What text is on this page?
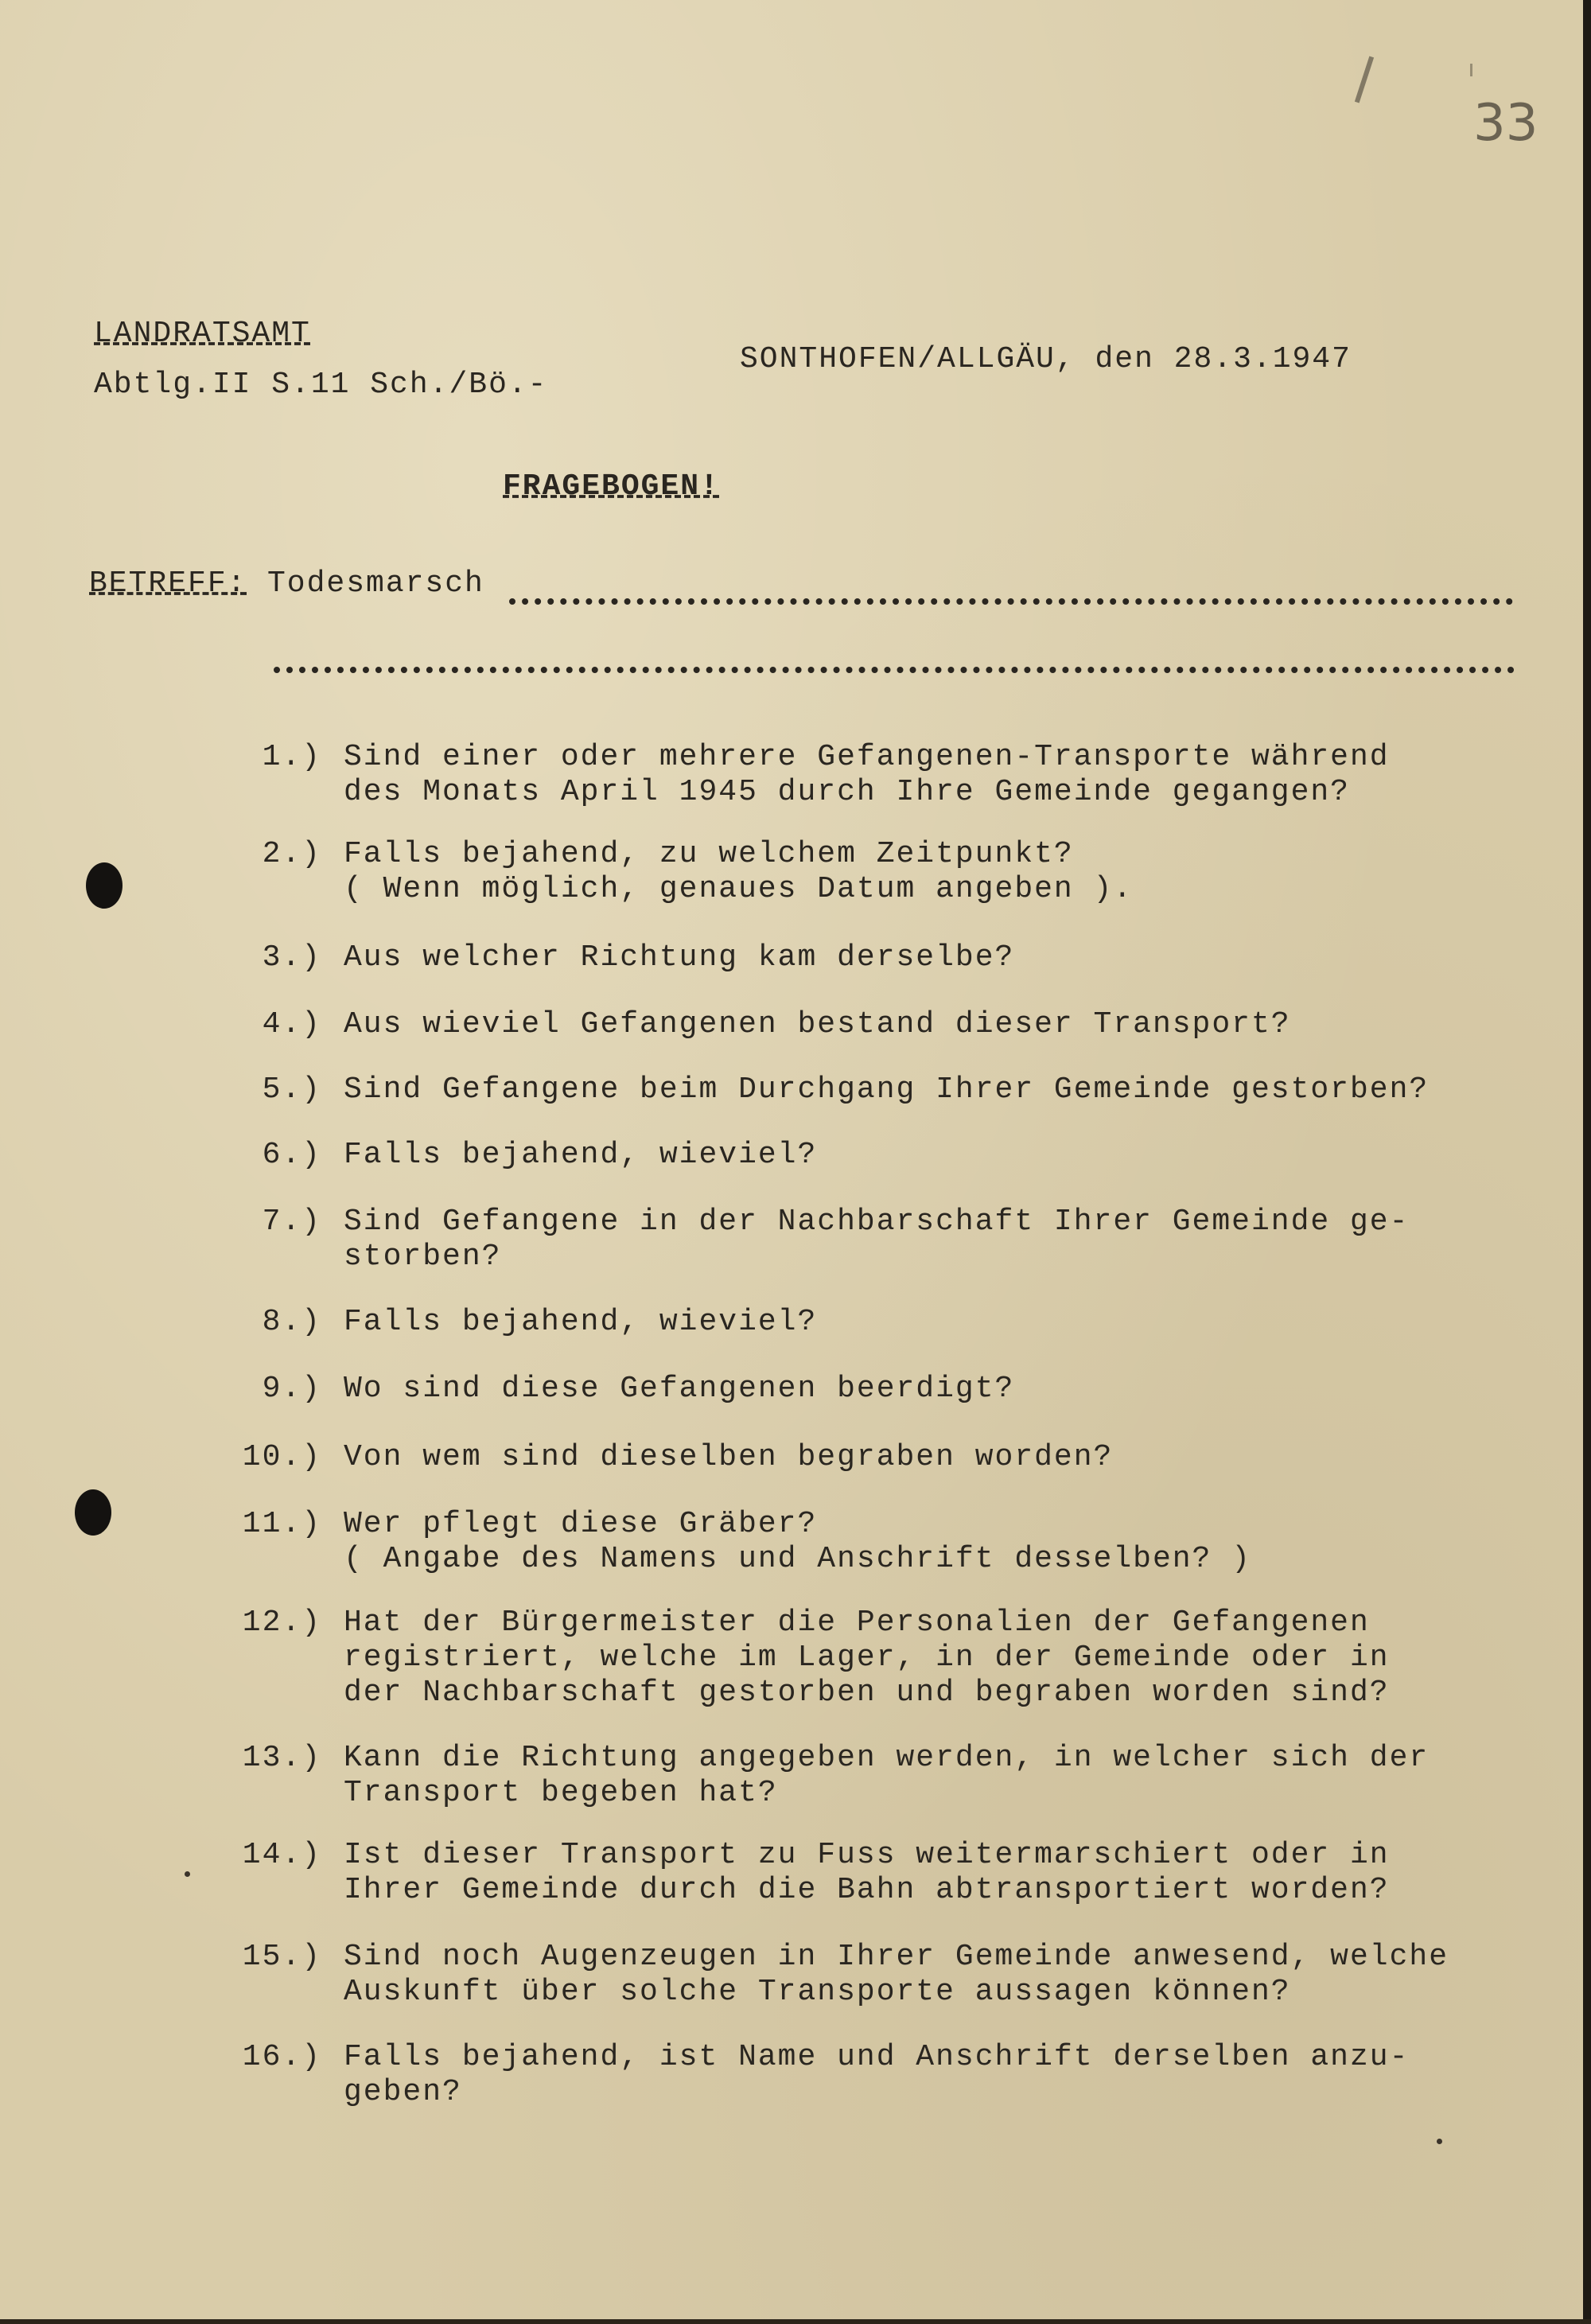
33
LANDRATSAMT
Abtlg.II S.11 Sch./Bö.-
SONTHOFEN/ALLGÄU, den 28.3.1947
FRAGEBOGEN!
BETREFF: Todesmarsch
1.) Sind einer oder mehrere Gefangenen-Transporte während
des Monats April 1945 durch Ihre Gemeinde gegangen?
2.) Falls bejahend, zu welchem Zeitpunkt?
( Wenn möglich, genaues Datum angeben ).
3.) Aus welcher Richtung kam derselbe?
4.) Aus wieviel Gefangenen bestand dieser Transport?
5.) Sind Gefangene beim Durchgang Ihrer Gemeinde gestorben?
6.) Falls bejahend, wieviel?
7.) Sind Gefangene in der Nachbarschaft Ihrer Gemeinde ge-
storben?
8.) Falls bejahend, wieviel?
9.) Wo sind diese Gefangenen beerdigt?
10.) Von wem sind dieselben begraben worden?
11.) Wer pflegt diese Gräber?
( Angabe des Namens und Anschrift desselben? )
12.) Hat der Bürgermeister die Personalien der Gefangenen
registriert, welche im Lager, in der Gemeinde oder in
der Nachbarschaft gestorben und begraben worden sind?
13.) Kann die Richtung angegeben werden, in welcher sich der
Transport begeben hat?
14.) Ist dieser Transport zu Fuss weitermarschiert oder in
Ihrer Gemeinde durch die Bahn abtransportiert worden?
15.) Sind noch Augenzeugen in Ihrer Gemeinde anwesend, welche
Auskunft über solche Transporte aussagen können?
16.) Falls bejahend, ist Name und Anschrift derselben anzu-
geben?
